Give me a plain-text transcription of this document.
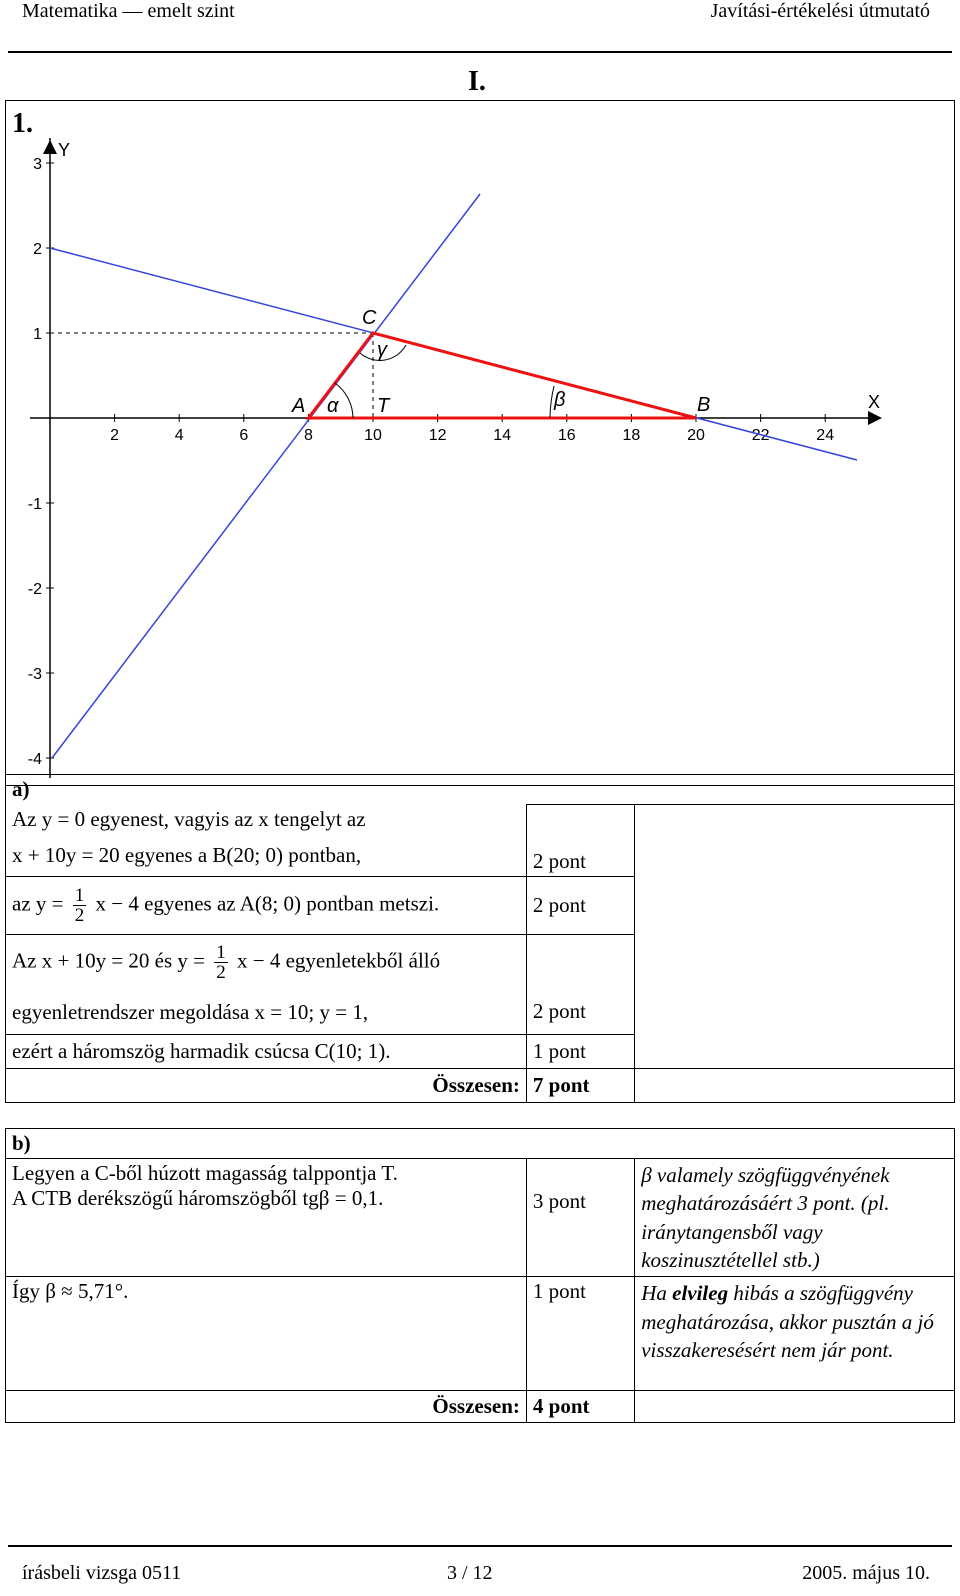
Matematika — emelt szint	Javítási-értékelési útmutató
I.
1.
X
Y
2	4	6	8	10	12	14	16	18	20	22	24
3
2
1
-1
-2
-3
-4
A	B
C
T
α	β
γ
a)		
Az y = 0 egyenest, vagyis az x tengelyt az	2 pont	
x + 10y = 20 egyenes a B(20; 0) pontban,		
az $y = \frac{1}{2}$ x − 4 egyenes az A(8; 0) pontban metszi.	2 pont	
Az x + 10y = 20 és $y = \frac{1}{2}$ x − 4 egyenletekből álló	2 pont	
egyenletrendszer megoldása x = 10; y = 1,		
ezért a háromszög harmadik csúcsa C(10; 1).	1 pont	
Összesen:	7 pont	
b)		

Legyen a C-ből húzott magasság talppontja T.
A CTB derékszögű háromszögből tgβ = 0,1.	3 pont	β valamely szögfüggvényének meghatározásáért 3 pont. (pl. iránytangensből vagy koszinusztétellel stb.)
Így β ≈ 5,71°.	1 pont	Ha elvileg hibás a szögfüggvény meghatározása, akkor pusztán a jó visszakeresésért nem jár pont.
Összesen:	4 pont	
írásbeli vizsga 0511	3 / 12	2005. május 10.
